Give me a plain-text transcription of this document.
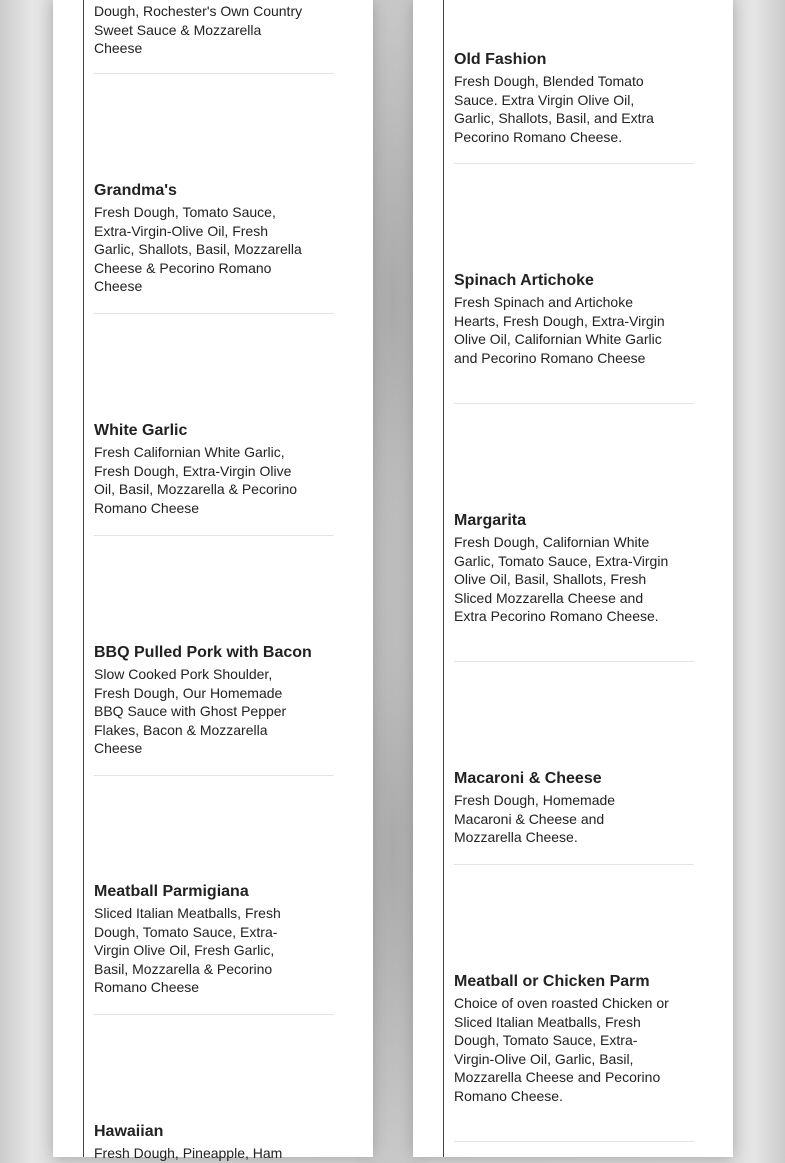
Dough, Rochester's Own Country Sweet Sauce & Mozzarella Cheese

Grandma's

Fresh Dough, Tomato Sauce, Extra-Virgin-Olive Oil, Fresh Garlic, Shallots, Basil, Mozzarella Cheese & Pecorino Romano Cheese

White Garlic

Fresh Californian White Garlic, Fresh Dough, Extra-Virgin Olive Oil, Basil, Mozzarella & Pecorino Romano Cheese

BBQ Pulled Pork with Bacon

Slow Cooked Pork Shoulder, Fresh Dough, Our Homemade BBQ Sauce with Ghost Pepper Flakes, Bacon & Mozzarella Cheese

Meatball Parmigiana

Sliced Italian Meatballs, Fresh Dough, Tomato Sauce, Extra-Virgin Olive Oil, Fresh Garlic, Basil, Mozzarella & Pecorino Romano Cheese

Hawaiian

Fresh Dough, Pineapple, Ham

Old Fashion

Fresh Dough, Blended Tomato Sauce. Extra Virgin Olive Oil, Garlic, Shallots, Basil, and Extra Pecorino Romano Cheese.

Spinach Artichoke

Fresh Spinach and Artichoke Hearts, Fresh Dough, Extra-Virgin Olive Oil, Californian White Garlic and Pecorino Romano Cheese

Margarita

Fresh Dough, Californian White Garlic, Tomato Sauce, Extra-Virgin Olive Oil, Basil, Shallots, Fresh Sliced Mozzarella Cheese and Extra Pecorino Romano Cheese.

Macaroni & Cheese

Fresh Dough, Homemade Macaroni & Cheese and Mozzarella Cheese.

Meatball or Chicken Parm

Choice of oven roasted Chicken or Sliced Italian Meatballs, Fresh Dough, Tomato Sauce, Extra-Virgin-Olive Oil, Garlic, Basil, Mozzarella Cheese and Pecorino Romano Cheese.
